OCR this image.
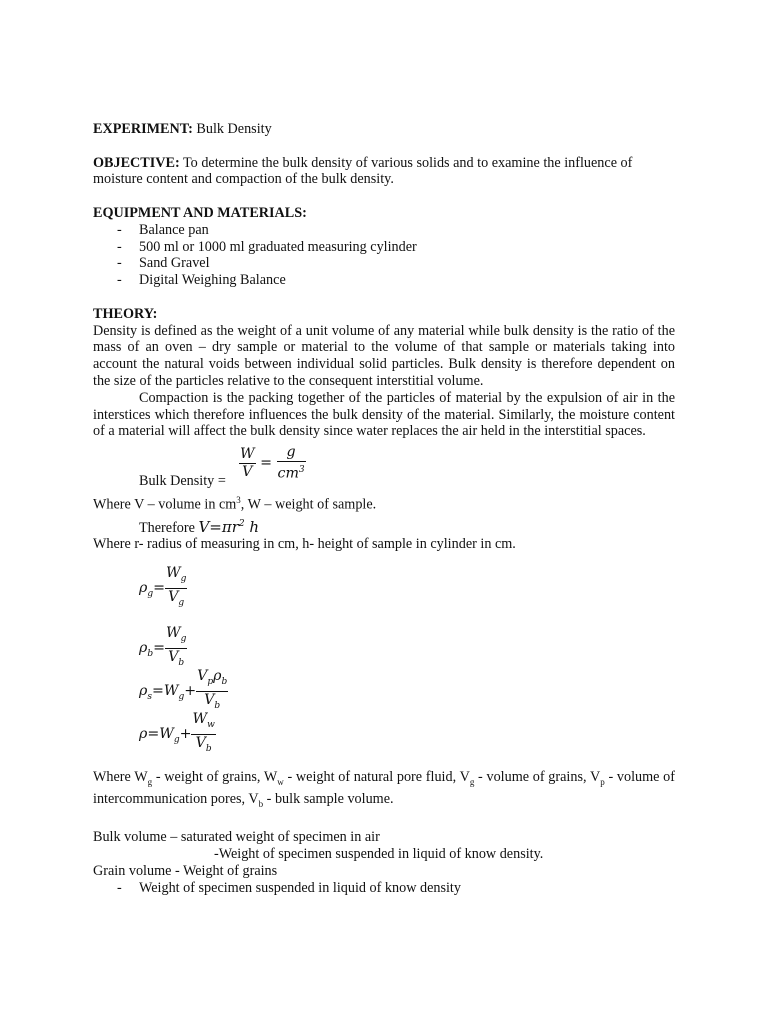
EXPERIMENT: Bulk Density

OBJECTIVE: To determine the bulk density of various solids and to examine the influence of moisture content and compaction of the bulk density.

EQUIPMENT AND MATERIALS:

- Balance pan
- 500 ml or 1000 ml graduated measuring cylinder
- Sand Gravel
- Digital Weighing Balance

THEORY:

Density is defined as the weight of a unit volume of any material while bulk density is the ratio of the mass of an oven – dry sample or material to the volume of that sample or materials taking into account the natural voids between individual solid particles. Bulk density is therefore dependent on the size of the particles relative to the consequent interstitial volume.

Compaction is the packing together of the particles of material by the expulsion of air in the interstices which therefore influences the bulk density of the material. Similarly, the moisture content of a material will affect the bulk density since water replaces the air held in the interstitial spaces.

$\frac{W}{V} = \frac{g}{cm^3}$
Bulk Density =

Where V – volume in $cm^3$, W – weight of sample.

Therefore $V=\pi r^2$ h

Where r- radius of measuring in cm, h- height of sample in cylinder in cm.

$\rho_g= \frac{W_g}{V_g}$
$\rho_b= \frac{W_g}{V_b}$
$\rho_s=W_g+ \frac{V_p\rho_b}{V_b}$
$\rho=W_g+ \frac{W_w}{V_b}$

Where $W_g$ - weight of grains, $W_w$ - weight of natural pore fluid, $V_g$ - volume of grains, $V_p$ - volume of intercommunication pores, $V_b$ - bulk sample volume.

Bulk volume – saturated weight of specimen in air

-Weight of specimen suspended in liquid of know density.

Grain volume - Weight of grains

- Weight of specimen suspended in liquid of know density
